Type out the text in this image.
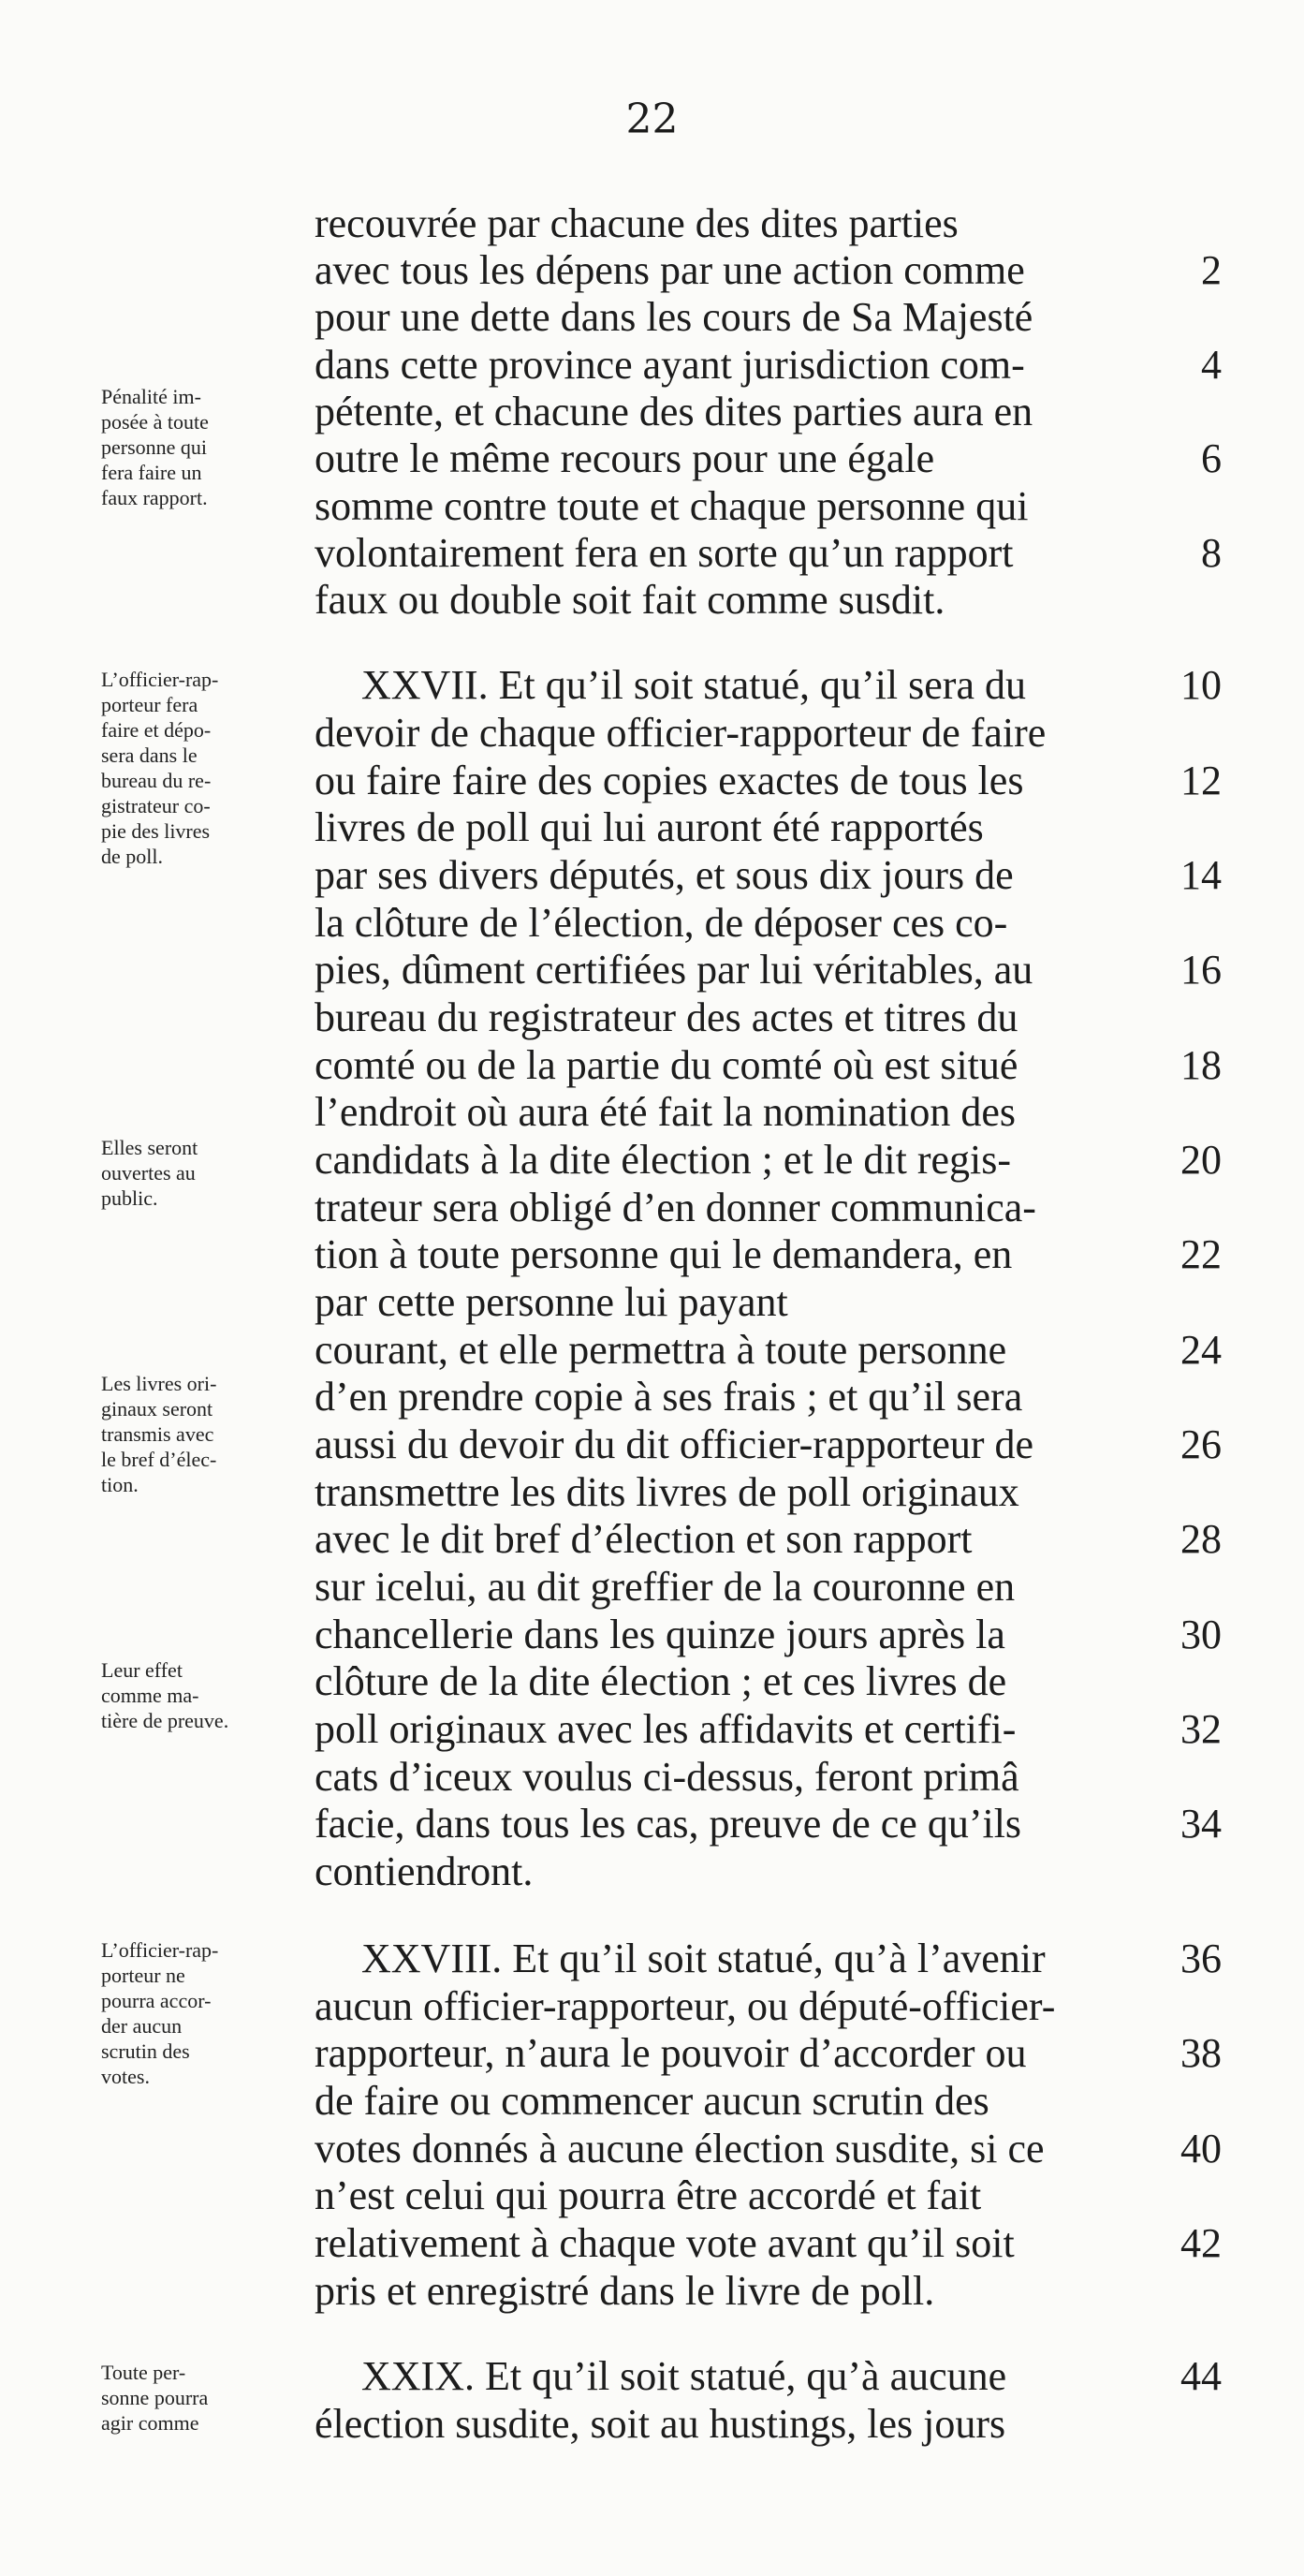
22
recouvrée par chacune des dites parties
avec tous les dépens par une action comme
pour une dette dans les cours de Sa Majesté
dans cette province ayant jurisdiction com-
pétente, et chacune des dites parties aura en
outre le même recours pour une égale
somme contre toute et chaque personne qui
volontairement fera en sorte qu’un rapport
faux ou double soit fait comme susdit.
XXVII. Et qu’il soit statué, qu’il sera du
devoir de chaque officier-rapporteur de faire
ou faire faire des copies exactes de tous les
livres de poll qui lui auront été rapportés
par ses divers députés, et sous dix jours de
la clôture de l’élection, de déposer ces co-
pies, dûment certifiées par lui véritables, au
bureau du registrateur des actes et titres du
comté ou de la partie du comté où est situé
l’endroit où aura été fait la nomination des
candidats à la dite élection ; et le dit regis-
trateur sera obligé d’en donner communica-
tion à toute personne qui le demandera, en
par cette personne lui payant
courant, et elle permettra à toute personne
d’en prendre copie à ses frais ; et qu’il sera
aussi du devoir du dit officier-rapporteur de
transmettre les dits livres de poll originaux
avec le dit bref d’élection et son rapport
sur icelui, au dit greffier de la couronne en
chancellerie dans les quinze jours après la
clôture de la dite élection ; et ces livres de
poll originaux avec les affidavits et certifi-
cats d’iceux voulus ci-dessus, feront primâ
facie, dans tous les cas, preuve de ce qu’ils
contiendront.
XXVIII. Et qu’il soit statué, qu’à l’avenir
aucun officier-rapporteur, ou député-officier-
rapporteur, n’aura le pouvoir d’accorder ou
de faire ou commencer aucun scrutin des
votes donnés à aucune élection susdite, si ce
n’est celui qui pourra être accordé et fait
relativement à chaque vote avant qu’il soit
pris et enregistré dans le livre de poll.
XXIX. Et qu’il soit statué, qu’à aucune
élection susdite, soit au hustings, les jours
2
4
6
8
10
12
14
16
18
20
22
24
26
28
30
32
34
36
38
40
42
44
Pénalité im-
posée à toute
personne qui
fera faire un
faux rapport.
L’officier-rap-
porteur fera
faire et dépo-
sera dans le
bureau du re-
gistrateur co-
pie des livres
de poll.
Elles seront
ouvertes au
public.
Les livres ori-
ginaux seront
transmis avec
le bref d’élec-
tion.
Leur effet
comme ma-
tière de preuve.
L’officier-rap-
porteur ne
pourra accor-
der aucun
scrutin des
votes.
Toute per-
sonne pourra
agir comme
